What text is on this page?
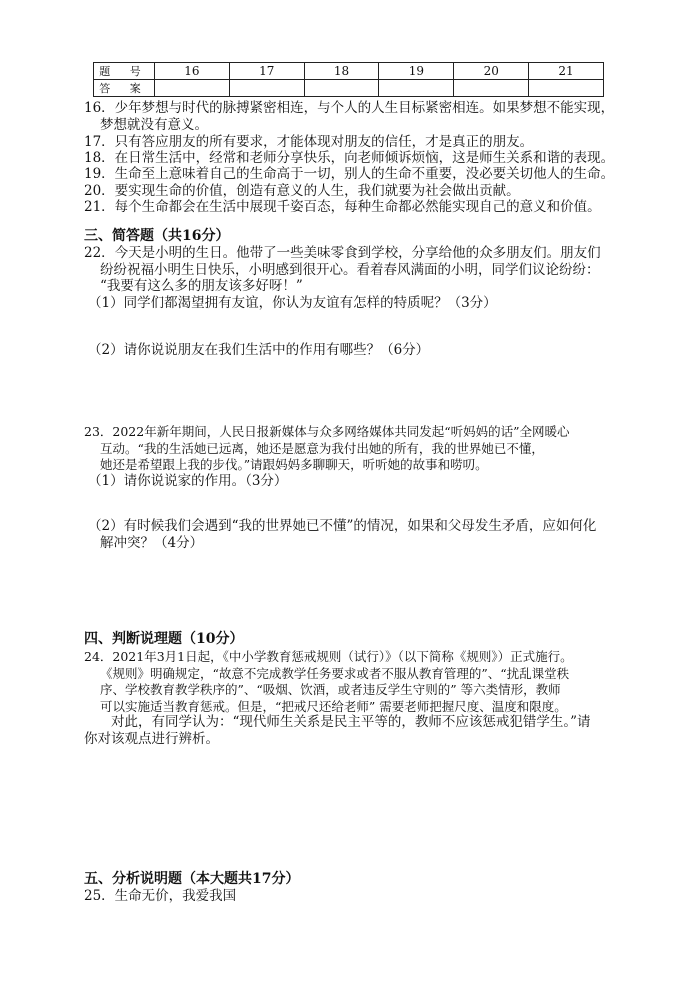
题 号	16	17	18	19	20	21
答 案						
16．少年梦想与时代的脉搏紧密相连，与个人的人生目标紧密相连。如果梦想不能实现，
梦想就没有意义。
17．只有答应朋友的所有要求，才能体现对朋友的信任，才是真正的朋友。
18．在日常生活中，经常和老师分享快乐，向老师倾诉烦恼，这是师生关系和谐的表现。
19．生命至上意味着自己的生命高于一切，别人的生命不重要，没必要关切他人的生命。
20．要实现生命的价值，创造有意义的人生，我们就要为社会做出贡献。
21．每个生命都会在生活中展现千姿百态，每种生命都必然能实现自己的意义和价值。
三、简答题（共16分）
22．今天是小明的生日。他带了一些美味零食到学校，分享给他的众多朋友们。朋友们
纷纷祝福小明生日快乐，小明感到很开心。看着春风满面的小明，同学们议论纷纷：
“我要有这么多的朋友该多好呀！”
（1）同学们都渴望拥有友谊，你认为友谊有怎样的特质呢？（3分）
（2）请你说说朋友在我们生活中的作用有哪些？（6分）
23．2022年新年期间，人民日报新媒体与众多网络媒体共同发起“听妈妈的话”全网暖心
互动。“我的生活她已远离，她还是愿意为我付出她的所有，我的世界她已不懂，
她还是希望跟上我的步伐。”请跟妈妈多聊聊天，听听她的故事和唠叨。
（1）请你说说家的作用。（3分）
（2）有时候我们会遇到“我的世界她已不懂”的情况，如果和父母发生矛盾，应如何化
解冲突？（4分）
四、判断说理题（10分）
24．2021年3月1日起，《中小学教育惩戒规则（试行）》（以下简称《规则》）正式施行。
《规则》明确规定，“故意不完成教学任务要求或者不服从教育管理的”、“扰乱课堂秩
序、学校教育教学秩序的”、“吸烟、饮酒，或者违反学生守则的” 等六类情形，教师
可以实施适当教育惩戒。但是，“把戒尺还给老师” 需要老师把握尺度、温度和限度。
对此，有同学认为：“现代师生关系是民主平等的，教师不应该惩戒犯错学生。”请
你对该观点进行辨析。
五、分析说明题（本大题共17分）
25．生命无价，我爱我国
